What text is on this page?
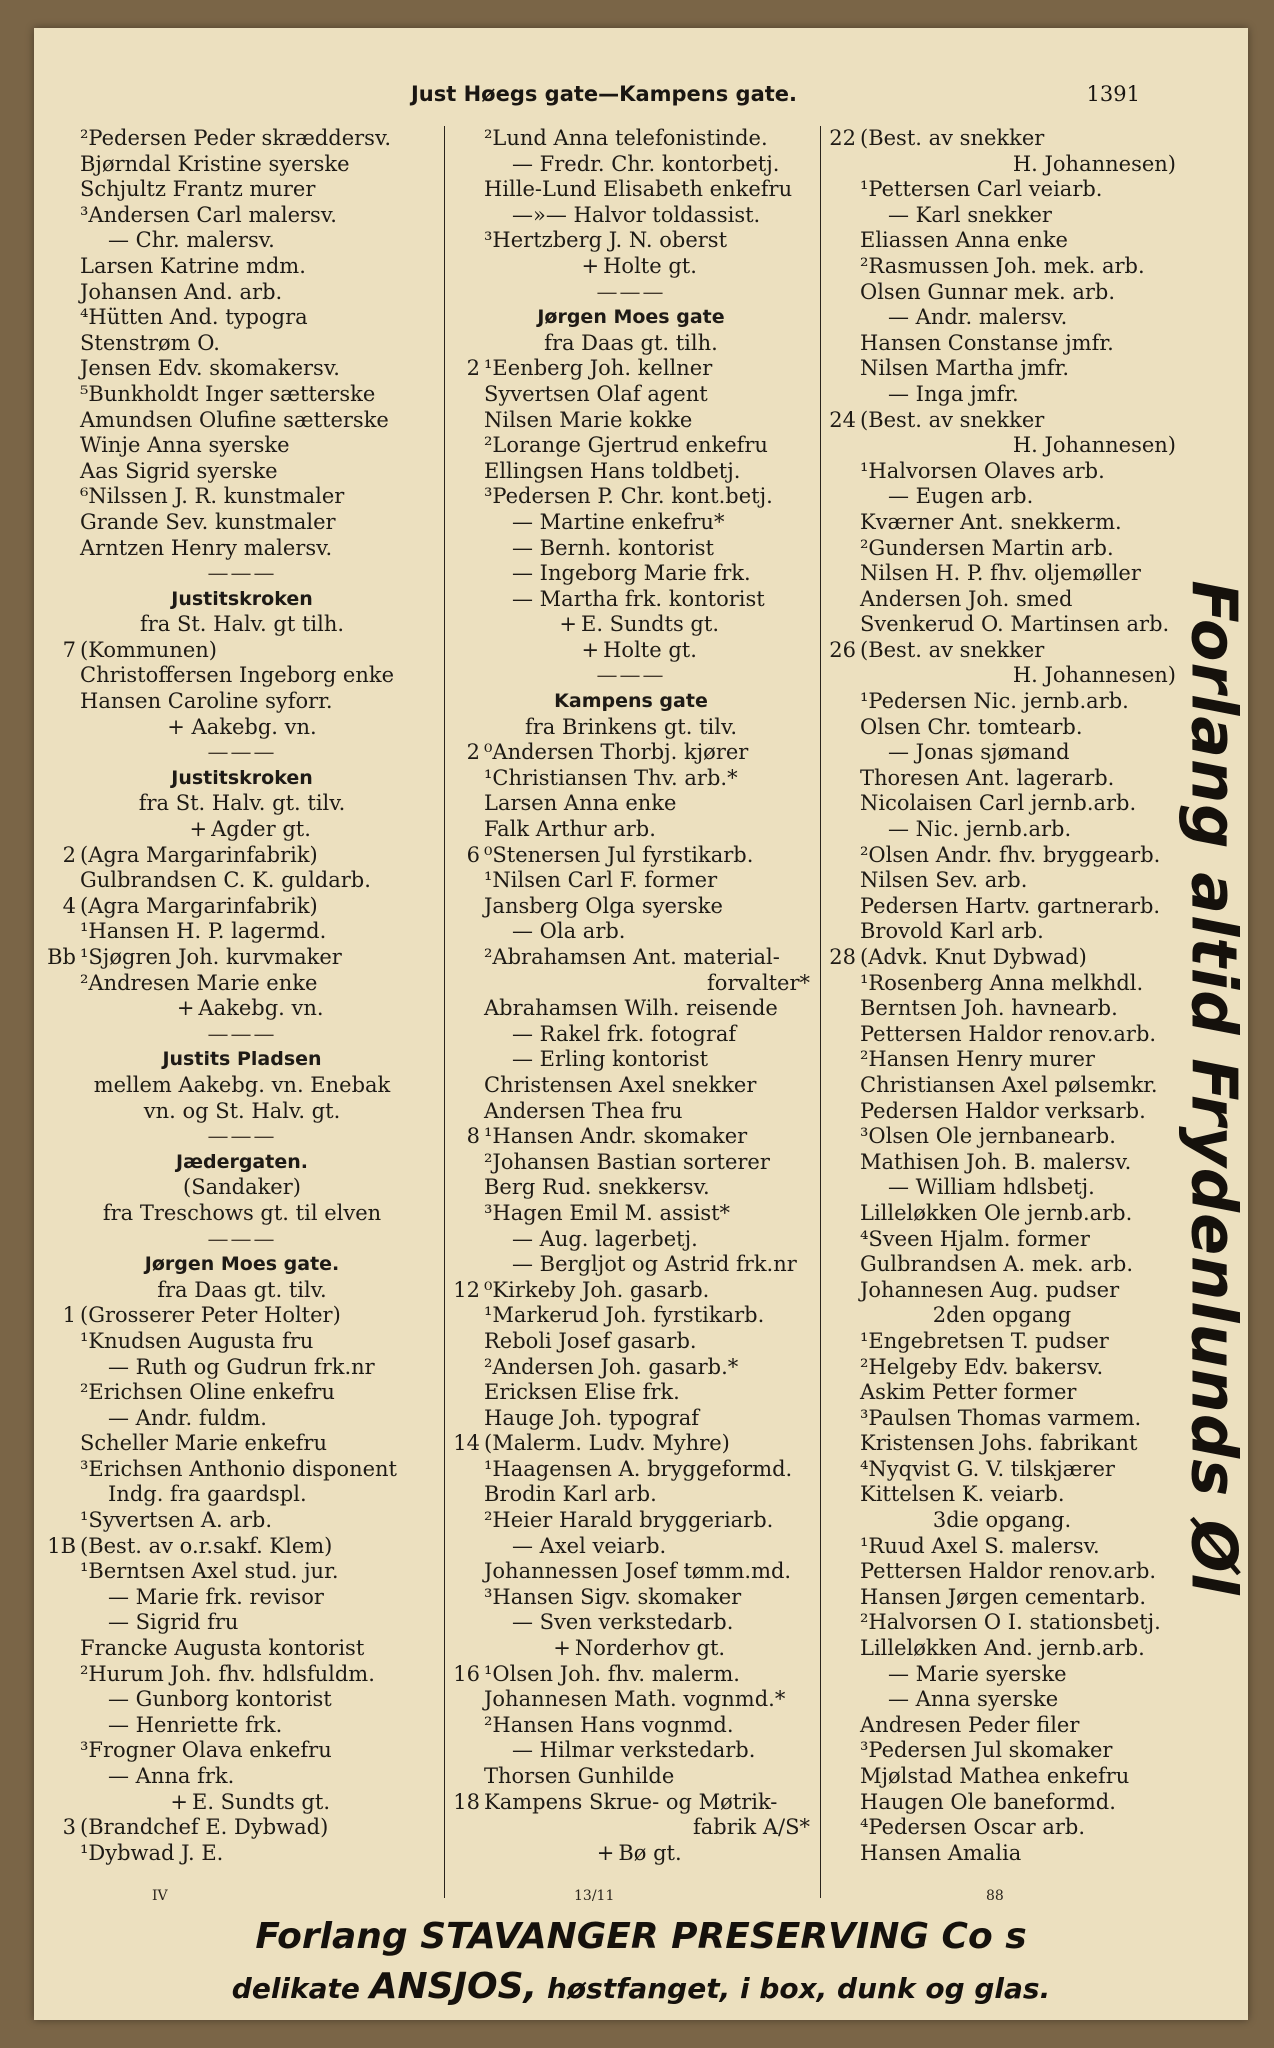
Just Høegs gate—Kampens gate.	1391
²Pedersen Peder skræddersv.
Bjørndal Kristine syerske
Schjultz Frantz murer
³Andersen Carl malersv.
— Chr. malersv.
Larsen Katrine mdm.
Johansen And. arb.
⁴Hütten And. typogra
Stenstrøm O.
Jensen Edv. skomakersv.
⁵Bunkholdt Inger sætterske
Amundsen Olufine sætterske
Winje Anna syerske
Aas Sigrid syerske
⁶Nilssen J. R. kunstmaler
Grande Sev. kunstmaler
Arntzen Henry malersv.
———
Justitskroken
fra St. Halv. gt tilh.
7 (Kommunen)
Christoffersen Ingeborg enke
Hansen Caroline syforr.
+ Aakebg. vn.
———
Justitskroken
fra St. Halv. gt. tilv.
+ Agder gt.
2 (Agra Margarinfabrik)
Gulbrandsen C. K. guldarb.
4 (Agra Margarinfabrik)
¹Hansen H. P. lagermd.
Bb ¹Sjøgren Joh. kurvmaker
²Andresen Marie enke
+ Aakebg. vn.
———
Justits Pladsen
mellem Aakebg. vn. Enebak
vn. og St. Halv. gt.
———
Jædergaten.
(Sandaker)
fra Treschows gt. til elven
———
Jørgen Moes gate.
fra Daas gt. tilv.
1 (Grosserer Peter Holter)
¹Knudsen Augusta fru
— Ruth og Gudrun frk.nr
²Erichsen Oline enkefru
— Andr. fuldm.
Scheller Marie enkefru
³Erichsen Anthonio disponent
Indg. fra gaardspl.
¹Syvertsen A. arb.
1B (Best. av o.r.sakf. Klem)
¹Berntsen Axel stud. jur.
— Marie frk. revisor
— Sigrid fru
Francke Augusta kontorist
²Hurum Joh. fhv. hdlsfuldm.
— Gunborg kontorist
— Henriette frk.
³Frogner Olava enkefru
— Anna frk.
+ E. Sundts gt.
3 (Brandchef E. Dybwad)
¹Dybwad J. E.
²Lund Anna telefonistinde.
— Fredr. Chr. kontorbetj.
Hille-Lund Elisabeth enkefru
—»— Halvor toldassist.
³Hertzberg J. N. oberst
+ Holte gt.
———
Jørgen Moes gate
fra Daas gt. tilh.
2 ¹Eenberg Joh. kellner
Syvertsen Olaf agent
Nilsen Marie kokke
²Lorange Gjertrud enkefru
Ellingsen Hans toldbetj.
³Pedersen P. Chr. kont.betj.
— Martine enkefru*
— Bernh. kontorist
— Ingeborg Marie frk.
— Martha frk. kontorist
+ E. Sundts gt.
+ Holte gt.
———
Kampens gate
fra Brinkens gt. tilv.
2 ⁰Andersen Thorbj. kjører
¹Christiansen Thv. arb.*
Larsen Anna enke
Falk Arthur arb.
6 ⁰Stenersen Jul fyrstikarb.
¹Nilsen Carl F. former
Jansberg Olga syerske
— Ola arb.
²Abrahamsen Ant. material-
forvalter*
Abrahamsen Wilh. reisende
— Rakel frk. fotograf
— Erling kontorist
Christensen Axel snekker
Andersen Thea fru
8 ¹Hansen Andr. skomaker
²Johansen Bastian sorterer
Berg Rud. snekkersv.
³Hagen Emil M. assist*
— Aug. lagerbetj.
— Bergljot og Astrid frk.nr
12 ⁰Kirkeby Joh. gasarb.
¹Markerud Joh. fyrstikarb.
Reboli Josef gasarb.
²Andersen Joh. gasarb.*
Ericksen Elise frk.
Hauge Joh. typograf
14 (Malerm. Ludv. Myhre)
¹Haagensen A. bryggeformd.
Brodin Karl arb.
²Heier Harald bryggeriarb.
— Axel veiarb.
Johannessen Josef tømm.md.
³Hansen Sigv. skomaker
— Sven verkstedarb.
+ Norderhov gt.
16 ¹Olsen Joh. fhv. malerm.
Johannesen Math. vognmd.*
²Hansen Hans vognmd.
— Hilmar verkstedarb.
Thorsen Gunhilde
18 Kampens Skrue- og Møtrik-
fabrik A/S*
+ Bø gt.
22 (Best. av snekker
H. Johannesen)
¹Pettersen Carl veiarb.
— Karl snekker
Eliassen Anna enke
²Rasmussen Joh. mek. arb.
Olsen Gunnar mek. arb.
— Andr. malersv.
Hansen Constanse jmfr.
Nilsen Martha jmfr.
— Inga jmfr.
24 (Best. av snekker
H. Johannesen)
¹Halvorsen Olaves arb.
— Eugen arb.
Kværner Ant. snekkerm.
²Gundersen Martin arb.
Nilsen H. P. fhv. oljemøller
Andersen Joh. smed
Svenkerud O. Martinsen arb.
26 (Best. av snekker
H. Johannesen)
¹Pedersen Nic. jernb.arb.
Olsen Chr. tomtearb.
— Jonas sjømand
Thoresen Ant. lagerarb.
Nicolaisen Carl jernb.arb.
— Nic. jernb.arb.
²Olsen Andr. fhv. bryggearb.
Nilsen Sev. arb.
Pedersen Hartv. gartnerarb.
Brovold Karl arb.
28 (Advk. Knut Dybwad)
¹Rosenberg Anna melkhdl.
Berntsen Joh. havnearb.
Pettersen Haldor renov.arb.
²Hansen Henry murer
Christiansen Axel pølsemkr.
Pedersen Haldor verksarb.
³Olsen Ole jernbanearb.
Mathisen Joh. B. malersv.
— William hdlsbetj.
Lilleløkken Ole jernb.arb.
⁴Sveen Hjalm. former
Gulbrandsen A. mek. arb.
Johannesen Aug. pudser
2den opgang
¹Engebretsen T. pudser
²Helgeby Edv. bakersv.
Askim Petter former
³Paulsen Thomas varmem.
Kristensen Johs. fabrikant
⁴Nyqvist G. V. tilskjærer
Kittelsen K. veiarb.
3die opgang.
¹Ruud Axel S. malersv.
Pettersen Haldor renov.arb.
Hansen Jørgen cementarb.
²Halvorsen O I. stationsbetj.
Lilleløkken And. jernb.arb.
— Marie syerske
— Anna syerske
Andresen Peder filer
³Pedersen Jul skomaker
Mjølstad Mathea enkefru
Haugen Ole baneformd.
⁴Pedersen Oscar arb.
Hansen Amalia
Forlang altid Frydenlunds Øl
IV	13/11	88
Forlang STAVANGER PRESERVING Co s
delikate ANSJOS, høstfanget, i box, dunk og glas.
